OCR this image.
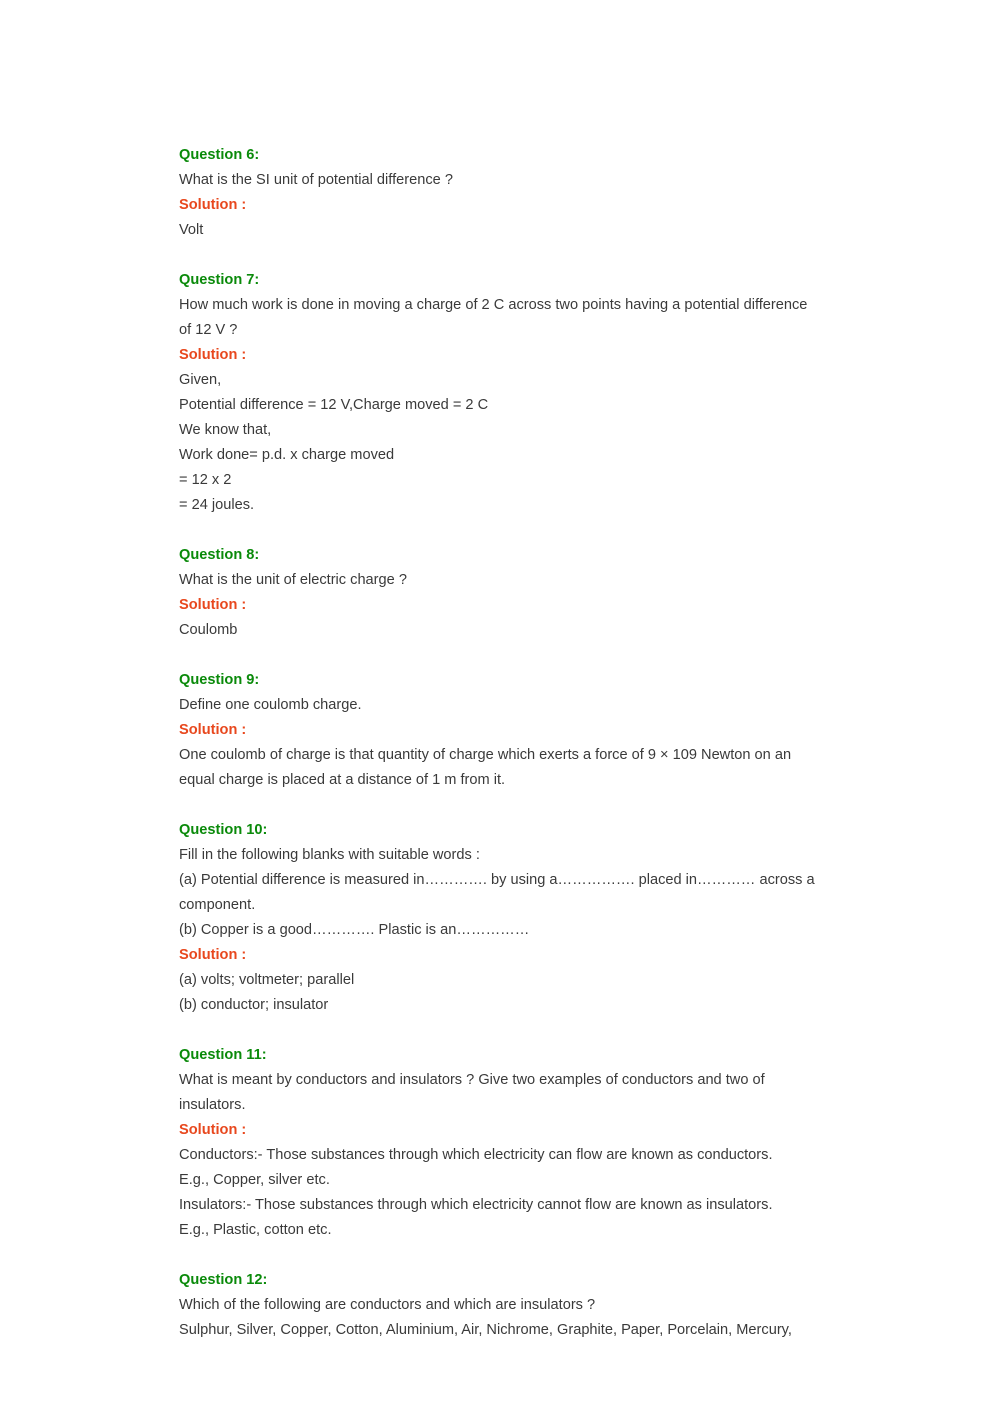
Question 6:
What is the SI unit of potential difference ?
Solution :
Volt
Question 7:
How much work is done in moving a charge of 2 C across two points having a potential difference of 12 V ?
Solution :
Given,
Potential difference = 12 V,Charge moved = 2 C
We know that,
Work done= p.d. x charge moved
= 12 x 2
= 24 joules.
Question 8:
What is the unit of electric charge ?
Solution :
Coulomb
Question 9:
Define one coulomb charge.
Solution :
One coulomb of charge is that quantity of charge which exerts a force of 9 × 109 Newton on an equal charge is placed at a distance of 1 m from it.
Question 10:
Fill in the following blanks with suitable words :
(a) Potential difference is measured in…………. by using a……………. placed in………… across a component.
(b) Copper is a good…………. Plastic is an……………
Solution :
(a) volts; voltmeter; parallel
(b) conductor; insulator
Question 11:
What is meant by conductors and insulators ? Give two examples of conductors and two of insulators.
Solution :
Conductors:- Those substances through which electricity can flow are known as conductors.
E.g., Copper, silver etc.
Insulators:- Those substances through which electricity cannot flow are known as insulators.
E.g., Plastic, cotton etc.
Question 12:
Which of the following are conductors and which are insulators ?
Sulphur, Silver, Copper, Cotton, Aluminium, Air, Nichrome, Graphite, Paper, Porcelain, Mercury,
